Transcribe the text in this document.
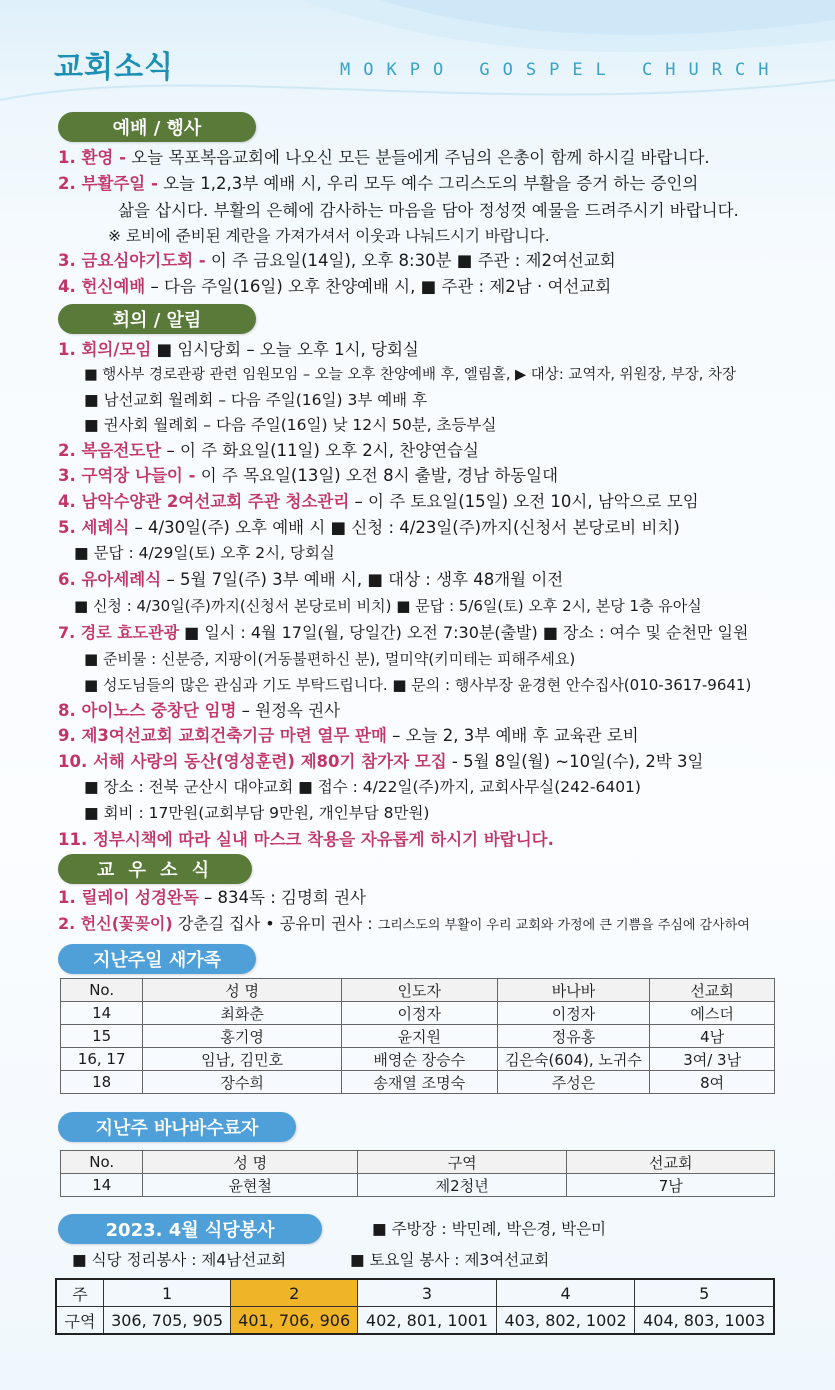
교회소식	MOKPO GOSPEL CHURCH
예배 / 행사
1. 환영 - 오늘 목포복음교회에 나오신 모든 분들에게 주님의 은총이 함께 하시길 바랍니다.
2. 부활주일 - 오늘 1,2,3부 예배 시, 우리 모두 예수 그리스도의 부활을 증거 하는 증인의
삶을 삽시다. 부활의 은혜에 감사하는 마음을 담아 정성껏 예물을 드려주시기 바랍니다.
※ 로비에 준비된 계란을 가져가셔서 이웃과 나눠드시기 바랍니다.
3. 금요심야기도회 - 이 주 금요일(14일), 오후 8:30분 ■ 주관 : 제2여선교회
4. 헌신예배 – 다음 주일(16일) 오후 찬양예배 시, ■ 주관 : 제2남 · 여선교회
회의 / 알림
1. 회의/모임 ■ 임시당회 – 오늘 오후 1시, 당회실
■ 행사부 경로관광 관련 임원모임 – 오늘 오후 찬양예배 후, 엘림홀, ▶ 대상: 교역자, 위원장, 부장, 차장
■ 남선교회 월례회 – 다음 주일(16일) 3부 예배 후
■ 권사회 월례회 – 다음 주일(16일) 낮 12시 50분, 초등부실
2. 복음전도단 – 이 주 화요일(11일) 오후 2시, 찬양연습실
3. 구역장 나들이 - 이 주 목요일(13일) 오전 8시 출발, 경남 하동일대
4. 남악수양관 2여선교회 주관 청소관리 – 이 주 토요일(15일) 오전 10시, 남악으로 모임
5. 세례식 – 4/30일(주) 오후 예배 시 ■ 신청 : 4/23일(주)까지(신청서 본당로비 비치)
■ 문답 : 4/29일(토) 오후 2시, 당회실
6. 유아세례식 – 5월 7일(주) 3부 예배 시, ■ 대상 : 생후 48개월 이전
■ 신청 : 4/30일(주)까지(신청서 본당로비 비치) ■ 문답 : 5/6일(토) 오후 2시, 본당 1층 유아실
7. 경로 효도관광 ■ 일시 : 4월 17일(월, 당일간) 오전 7:30분(출발) ■ 장소 : 여수 및 순천만 일원
■ 준비물 : 신분증, 지팡이(거동불편하신 분), 멀미약(키미테는 피해주세요)
■ 성도님들의 많은 관심과 기도 부탁드립니다. ■ 문의 : 행사부장 윤경현 안수집사(010-3617-9641)
8. 아이노스 중창단 임명 – 원정옥 권사
9. 제3여선교회 교회건축기금 마련 열무 판매 – 오늘 2, 3부 예배 후 교육관 로비
10. 서해 사랑의 동산(영성훈련) 제80기 참가자 모집 - 5월 8일(월) ~10일(수), 2박 3일
■ 장소 : 전북 군산시 대야교회 ■ 접수 : 4/22일(주)까지, 교회사무실(242-6401)
■ 회비 : 17만원(교회부담 9만원, 개인부담 8만원)
11. 정부시책에 따라 실내 마스크 착용을 자유롭게 하시기 바랍니다.
교 우 소 식
1. 릴레이 성경완독 – 834독 : 김명희 권사
2. 헌신(꽃꽂이) 강춘길 집사 • 공유미 권사 : 그리스도의 부활이 우리 교회와 가정에 큰 기쁨을 주심에 감사하여
지난주일 새가족
No.	성 명	인도자	바나바	선교회
14	최화춘	이정자	이정자	에스더
15	홍기영	윤지원	정유홍	4남
16, 17	임남, 김민호	배영순 장승수	김은숙(604), 노귀수	3여/ 3남
18	장수희	송재열 조명숙	주성은	8여
지난주 바나바수료자
No.	성 명	구역	선교회
14	윤현철	제2청년	7남
2023. 4월 식당봉사	■ 주방장 : 박민례, 박은경, 박은미
■ 식당 정리봉사 : 제4남선교회	■ 토요일 봉사 : 제3여선교회
주	1	2	3	4	5
구역	306, 705, 905	401, 706, 906	402, 801, 1001	403, 802, 1002	404, 803, 1003
